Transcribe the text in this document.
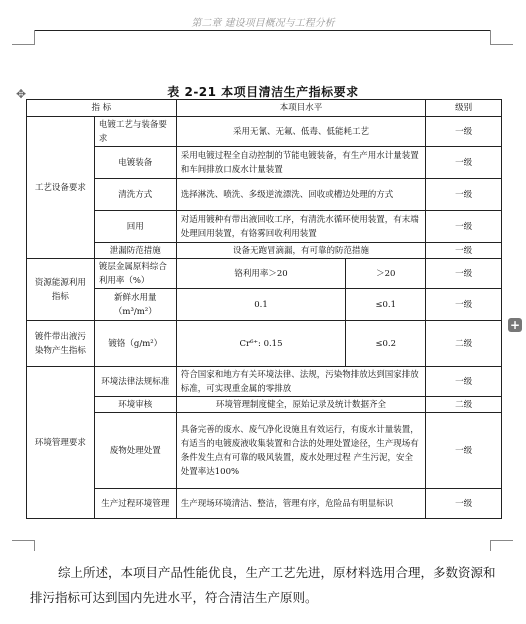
第二章 建设项目概况与工程分析
✥
+
表 2-21 本项目清洁生产指标要求
指 标		本项目水平		级别
工艺设备要求	电镀工艺与装备要求	采用无氰、无氟、低毒、低能耗工艺		一级
	电镀装备	采用电镀过程全自动控制的节能电镀装备，有生产用水计量装置和车间排放口废水计量装置		一级
	清洗方式	选择淋洗、喷洗、多级逆流漂洗、回收或槽边处理的方式		一级
	回用	对适用镀种有带出液回收工序，有清洗水循环使用装置，有末端处理回用装置，有铬雾回收利用装置		一级
	泄漏防范措施	设备无跑冒滴漏，有可靠的防范措施		一级
资源能源利用指标	镀层金属原料综合利用率（%）	铬利用率＞20	＞20	一级
	新鲜水用量（m³/m²）	0.1	≤0.1	一级
镀件带出液污染物产生指标	镀铬（g/m²）	Cr⁶⁺: 0.15	≤0.2	二级
环境管理要求	环境法律法规标准	符合国家和地方有关环境法律、法规，污染物排放达到国家排放标准，可实现重金属的零排放		一级
	环境审核	环境管理制度健全，原始记录及统计数据齐全		二级
	废物处理处置	具备完善的废水、废气净化设施且有效运行，有废水计量装置，有适当的电镀废液收集装置和合法的处理处置途径，生产现场有条件发生点有可靠的吸风装置，废水处理过程 产生污泥，安全处置率达100%		一级
	生产过程环境管理	生产现场环境清洁、整洁，管理有序，危险品有明显标识		一级

综上所述，本项目产品性能优良，生产工艺先进，原材料选用合理，多数资源和排污指标可达到国内先进水平，符合清洁生产原则。
